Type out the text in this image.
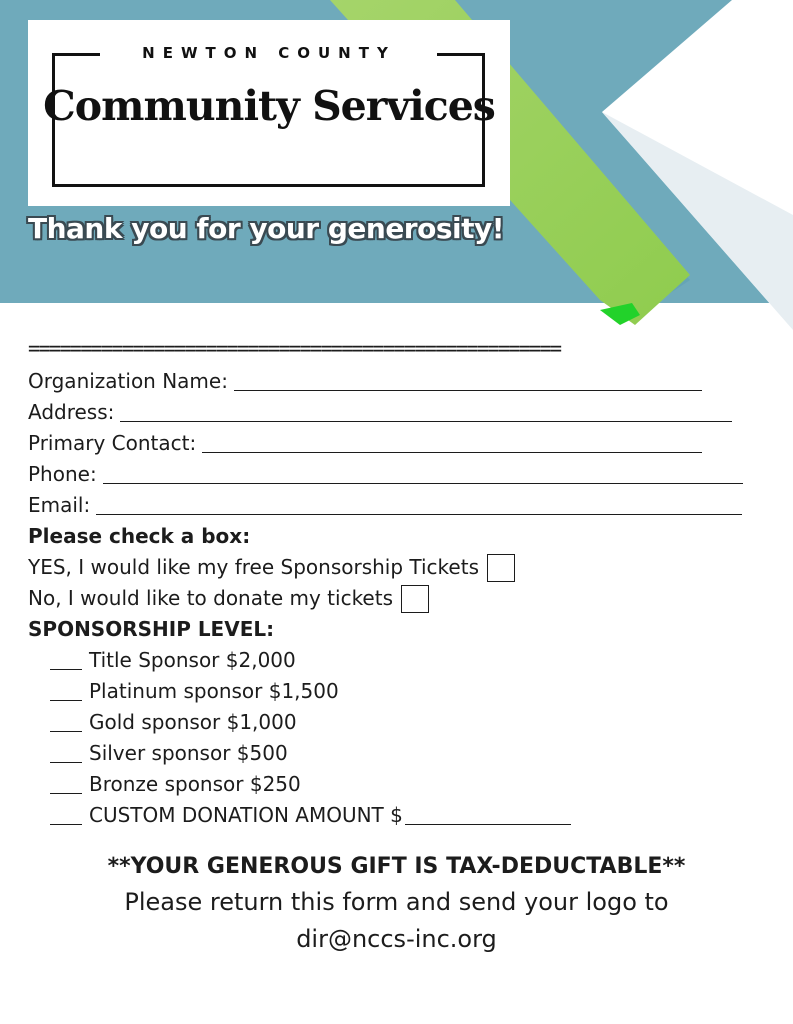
NEWTON COUNTY
Community Services
Thank you for your generosity!
===================================================
Organization Name:
Address:
Primary Contact:
Phone:
Email:
Please check a box:
YES, I would like my free Sponsorship Tickets
No, I would like to donate my tickets
SPONSORSHIP LEVEL:
Title Sponsor $2,000
Platinum sponsor $1,500
Gold sponsor $1,000
Silver sponsor $500
Bronze sponsor $250
CUSTOM DONATION AMOUNT $
**YOUR GENEROUS GIFT IS TAX-DEDUCTABLE**
Please return this form and send your logo to
dir@nccs-inc.org
